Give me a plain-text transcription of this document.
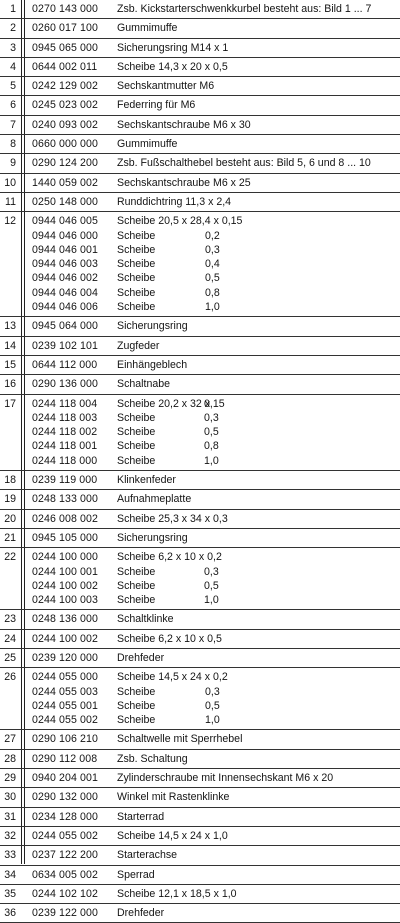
1 0270 143 000 Zsb. Kickstarterschwenkkurbel besteht aus: Bild 1 ... 7
2 0260 017 100 Gummimuffe
3 0945 065 000 Sicherungsring M14 x 1
4 0644 002 011 Scheibe 14,3 x 20 x 0,5
5 0242 129 002 Sechskantmutter M6
6 0245 023 002 Federring für M6
7 0240 093 002 Sechskantschraube M6 x 30
8 0660 000 000 Gummimuffe
9 0290 124 200 Zsb. Fußschalthebel besteht aus: Bild 5, 6 und 8 ... 10
10 1440 059 002 Sechskantschraube M6 x 25
11 0250 148 000 Runddichtring 11,3 x 2,4
12 0944 046 005 Scheibe 20,5 x 28,4 x 0,15
0944 046 000 Scheibe	0,2
0944 046 001 Scheibe	0,3
0944 046 003 Scheibe	0,4
0944 046 002 Scheibe	0,5
0944 046 004 Scheibe	0,8
0944 046 006 Scheibe	1,0
13 0945 064 000 Sicherungsring
14 0239 102 101 Zugfeder
15 0644 112 000 Einhängeblech
16 0290 136 000 Schaltnabe
17 0244 118 004 Scheibe 20,2 x 32 x
0,15
0244 118 003 Scheibe	0,3
0244 118 002 Scheibe	0,5
0244 118 001 Scheibe	0,8
0244 118 000 Scheibe	1,0
18 0239 119 000 Klinkenfeder
19 0248 133 000 Aufnahmeplatte
20 0246 008 002 Scheibe 25,3 x 34 x 0,3
21 0945 105 000 Sicherungsring
22 0244 100 000 Scheibe 6,2 x 10 x 0,2
0244 100 001 Scheibe	0,3
0244 100 002 Scheibe	0,5
0244 100 003 Scheibe	1,0
23 0248 136 000 Schaltklinke
24 0244 100 002 Scheibe 6,2 x 10 x 0,5
25 0239 120 000 Drehfeder
26 0244 055 000 Scheibe 14,5 x 24 x 0,2
0244 055 003 Scheibe	0,3
0244 055 001 Scheibe	0,5
0244 055 002 Scheibe	1,0
27 0290 106 210 Schaltwelle mit Sperrhebel
28 0290 112 008 Zsb. Schaltung
29 0940 204 001 Zylinderschraube mit Innensechskant M6 x 20
30 0290 132 000 Winkel mit Rastenklinke
31 0234 128 000 Starterrad
32 0244 055 002 Scheibe 14,5 x 24 x 1,0
33 0237 122 200 Starterachse
34 0634 005 002 Sperrad
35 0244 102 102 Scheibe 12,1 x 18,5 x 1,0
36 0239 122 000 Drehfeder
